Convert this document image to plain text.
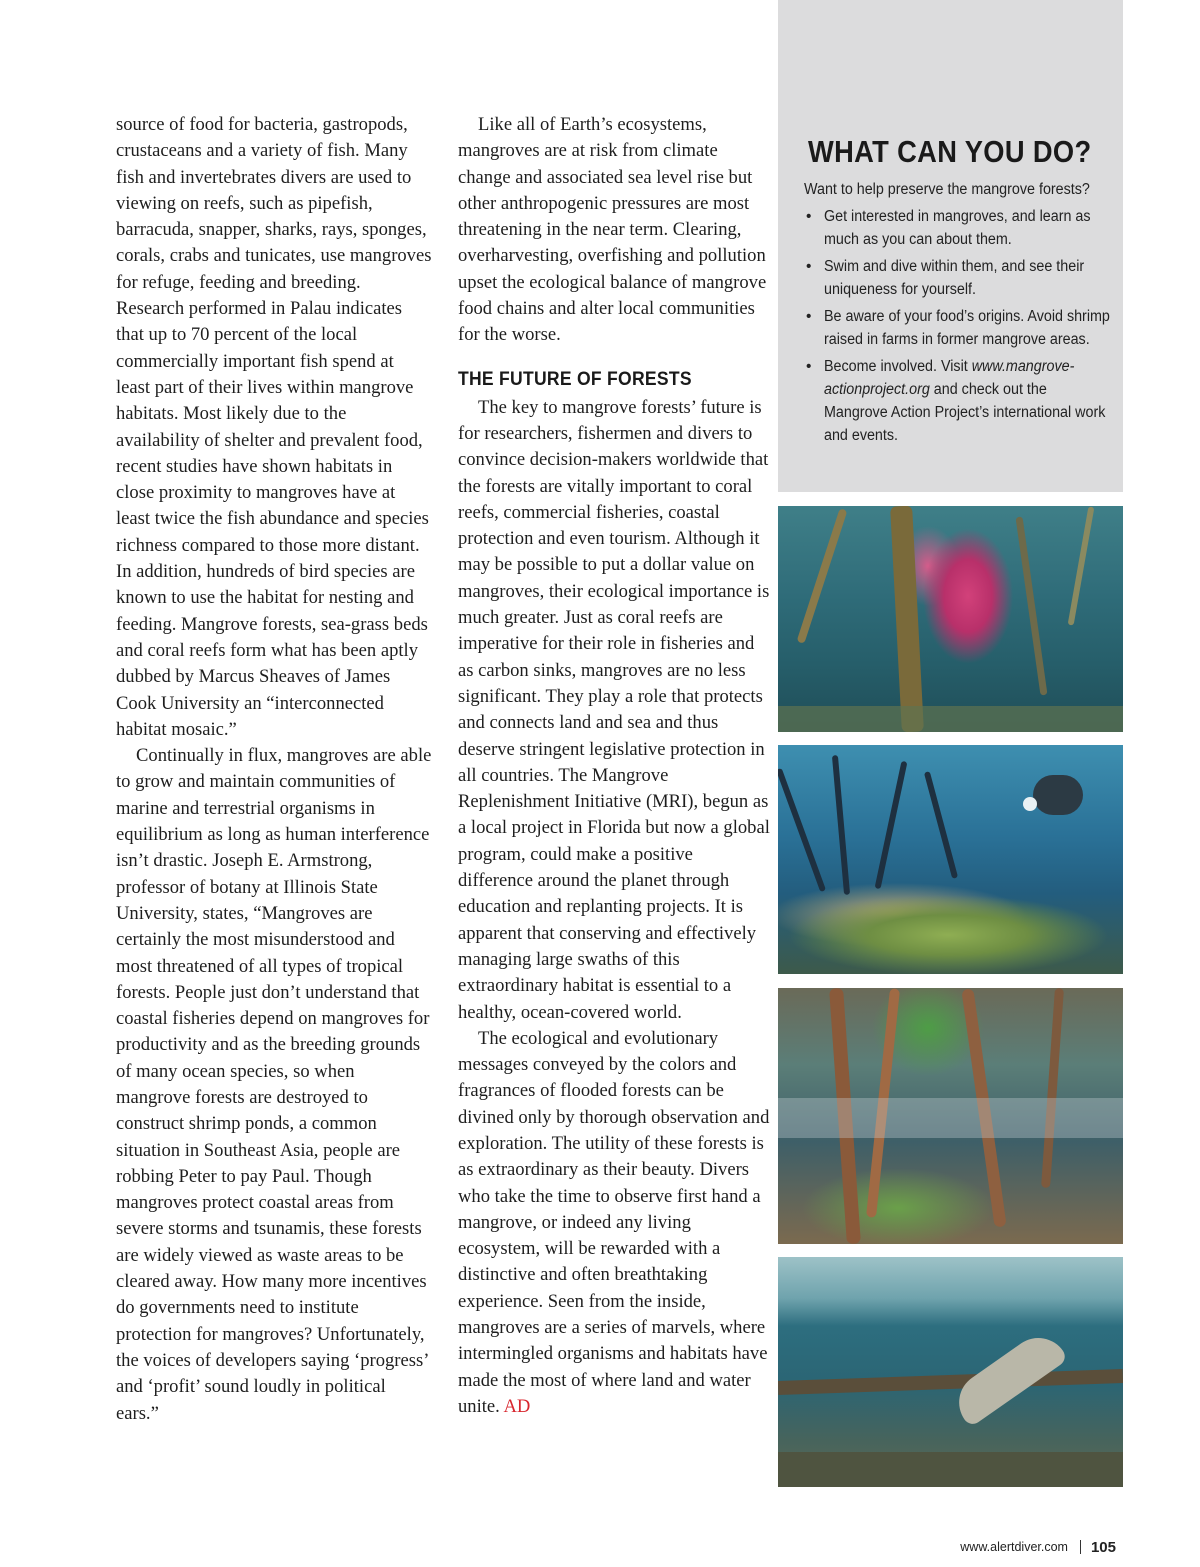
source of food for bacteria, gastropods, crustaceans and a variety of fish. Many fish and invertebrates divers are used to viewing on reefs, such as pipefish, barracuda, snapper, sharks, rays, sponges, corals, crabs and tunicates, use mangroves for refuge, feeding and breeding. Research performed in Palau indicates that up to 70 percent of the local commercially important fish spend at least part of their lives within mangrove habitats. Most likely due to the availability of shelter and prevalent food, recent studies have shown habitats in close proximity to mangroves have at least twice the fish abundance and species richness compared to those more distant. In addition, hundreds of bird species are known to use the habitat for nesting and feeding. Mangrove forests, sea-grass beds and coral reefs form what has been aptly dubbed by Marcus Sheaves of James Cook University an “interconnected habitat mosaic.”

Continually in flux, mangroves are able to grow and maintain communities of marine and terrestrial organisms in equilibrium as long as human interference isn’t drastic. Joseph E. Armstrong, professor of botany at Illinois State University, states, “Mangroves are certainly the most misunderstood and most threatened of all types of tropical forests. People just don’t understand that coastal fisheries depend on mangroves for productivity and as the breeding grounds of many ocean species, so when mangrove forests are destroyed to construct shrimp ponds, a common situation in Southeast Asia, people are robbing Peter to pay Paul. Though mangroves protect coastal areas from severe storms and tsunamis, these forests are widely viewed as waste areas to be cleared away. How many more incentives do governments need to institute protection for mangroves? Unfortunately, the voices of developers saying ‘progress’ and ‘profit’ sound loudly in political ears.”

Like all of Earth’s ecosystems, mangroves are at risk from climate change and associated sea level rise but other anthropogenic pressures are most threatening in the near term. Clearing, overharvesting, overfishing and pollution upset the ecological balance of mangrove food chains and alter local communities for the worse.

THE FUTURE OF FORESTS

The key to mangrove forests’ future is for researchers, fishermen and divers to convince decision-makers worldwide that the forests are vitally important to coral reefs, commercial fisheries, coastal protection and even tourism. Although it may be possible to put a dollar value on mangroves, their ecological importance is much greater. Just as coral reefs are imperative for their role in fisheries and as carbon sinks, mangroves are no less significant. They play a role that protects and connects land and sea and thus deserve stringent legislative protection in all countries. The Mangrove Replenishment Initiative (MRI), begun as a local project in Florida but now a global program, could make a positive difference around the planet through education and replanting projects. It is apparent that conserving and effectively managing large swaths of this extraordinary habitat is essential to a healthy, ocean-covered world.

The ecological and evolutionary messages conveyed by the colors and fragrances of flooded forests can be divined only by thorough observation and exploration. The utility of these forests is as extraordinary as their beauty. Divers who take the time to observe first hand a mangrove, or indeed any living ecosystem, will be rewarded with a distinctive and often breathtaking experience. Seen from the inside, mangroves are a series of marvels, where intermingled organisms and habitats have made the most of where land and water unite. AD

WHAT CAN YOU DO?
Want to help preserve the mangrove forests?
• Get interested in mangroves, and learn as much as you can about them.
• Swim and dive within them, and see their uniqueness for yourself.
• Be aware of your food’s origins. Avoid shrimp raised in farms in former mangrove areas.
• Become involved. Visit www.mangrove-actionproject.org and check out the Mangrove Action Project’s international work and events.
www.alertdiver.com 105
